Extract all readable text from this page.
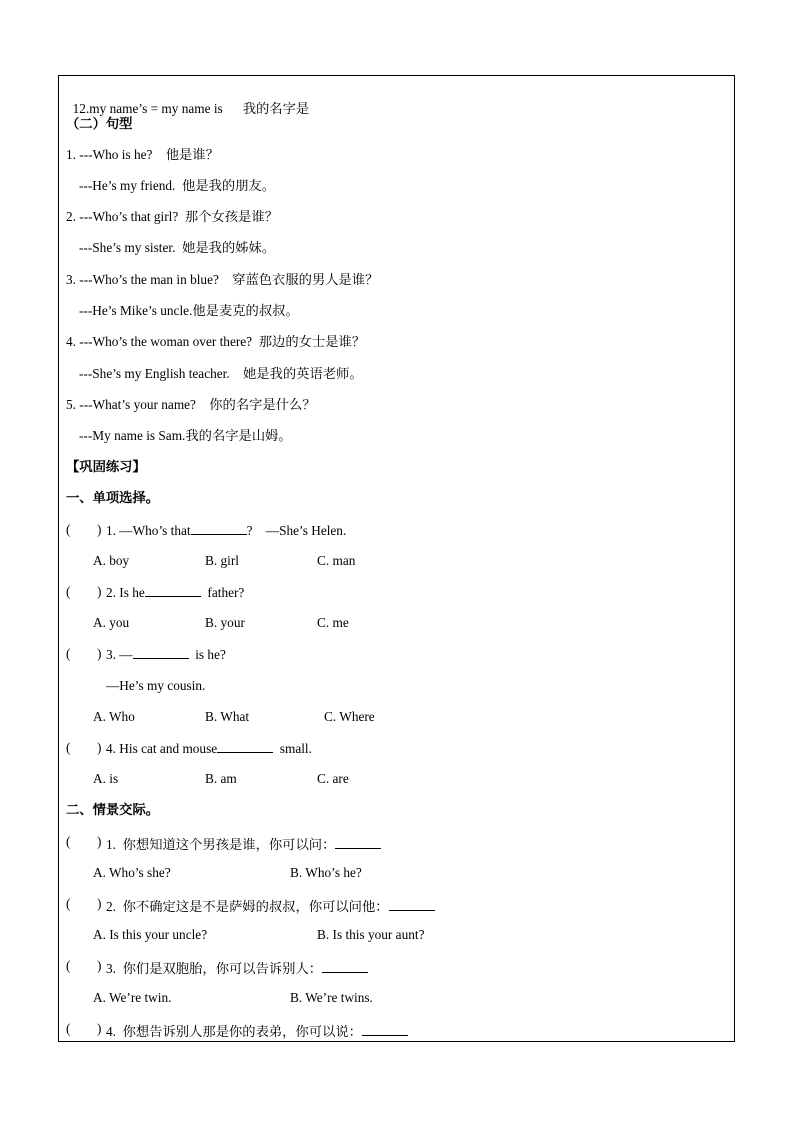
12.my name’s = my name is 我的名字是

（二）句型
1. ---Who is he? 他是谁？
---He’s my friend. 他是我的朋友。
2. ---Who’s that girl? 那个女孩是谁？
---She’s my sister. 她是我的姊妹。
3. ---Who’s the man in blue? 穿蓝色衣服的男人是谁？
---He’s Mike’s uncle.他是麦克的叔叔。
4. ---Who’s the woman over there? 那边的女士是谁？
---She’s my English teacher. 她是我的英语老师。
5. ---What’s your name? 你的名字是什么？
---My name is Sam.我的名字是山姆。
【巩固练习】
一、单项选择。
(        ) 1. —Who’s that	?    —She’s Helen.
A. boy	B. girl	C. man
(        ) 2. Is he	father?
A. you	B. your	C. me
(        ) 3. —	is he?
—He’s my cousin.
A. Who	B. What	C. Where
(        ) 4. His cat and mouse	small.
A. is	B. am	C. are
二、情景交际。
(        ) 1.  你想知道这个男孩是谁，你可以问：
A. Who’s she?	B. Who’s he?
(        ) 2.  你不确定这是不是萨姆的叔叔，你可以问他：
A. Is this your uncle?	B. Is this your aunt?
(        ) 3.  你们是双胞胎，你可以告诉别人：
A. We’re twin.	B. We’re twins.
(        ) 4.  你想告诉别人那是你的表弟，你可以说：
